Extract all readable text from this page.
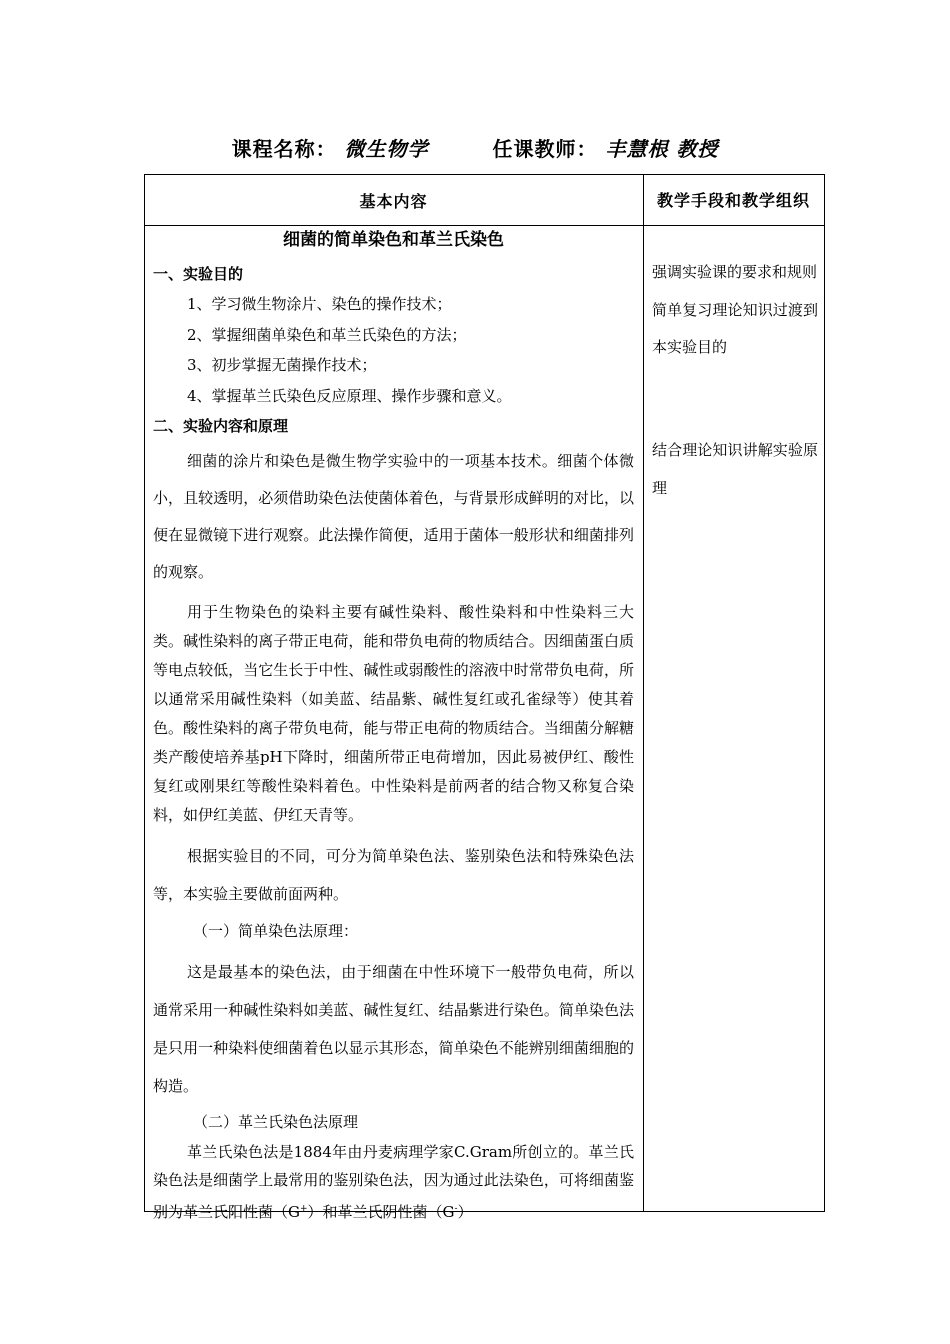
课程名称： 微生物学	任课教师： 丰慧根 教授
基本内容	教学手段和教学组织
细菌的简单染色和革兰氏染色
一、实验目的
1、学习微生物涂片、染色的操作技术；
2、掌握细菌单染色和革兰氏染色的方法；
3、初步掌握无菌操作技术；
4、掌握革兰氏染色反应原理、操作步骤和意义。
二、实验内容和原理
细菌的涂片和染色是微生物学实验中的一项基本技术。细菌个体微小，且较透明，必须借助染色法使菌体着色，与背景形成鲜明的对比，以便在显微镜下进行观察。此法操作简便，适用于菌体一般形状和细菌排列的观察。
用于生物染色的染料主要有碱性染料、酸性染料和中性染料三大类。碱性染料的离子带正电荷，能和带负电荷的物质结合。因细菌蛋白质等电点较低，当它生长于中性、碱性或弱酸性的溶液中时常带负电荷，所以通常采用碱性染料（如美蓝、结晶紫、碱性复红或孔雀绿等）使其着色。酸性染料的离子带负电荷，能与带正电荷的物质结合。当细菌分解糖类产酸使培养基pH下降时，细菌所带正电荷增加，因此易被伊红、酸性复红或刚果红等酸性染料着色。中性染料是前两者的结合物又称复合染料，如伊红美蓝、伊红天青等。
根据实验目的不同，可分为简单染色法、鉴别染色法和特殊染色法等，本实验主要做前面两种。
（一）简单染色法原理：
这是最基本的染色法，由于细菌在中性环境下一般带负电荷，所以通常采用一种碱性染料如美蓝、碱性复红、结晶紫进行染色。简单染色法是只用一种染料使细菌着色以显示其形态，简单染色不能辨别细菌细胞的构造。
（二）革兰氏染色法原理
革兰氏染色法是1884年由丹麦病理学家C.Gram所创立的。革兰氏染色法是细菌学上最常用的鉴别染色法，因为通过此法染色，可将细菌鉴别为革兰氏阳性菌（G+）和革兰氏阴性菌（G-）
强调实验课的要求和规则
简单复习理论知识过渡到本实验目的
结合理论知识讲解实验原理
